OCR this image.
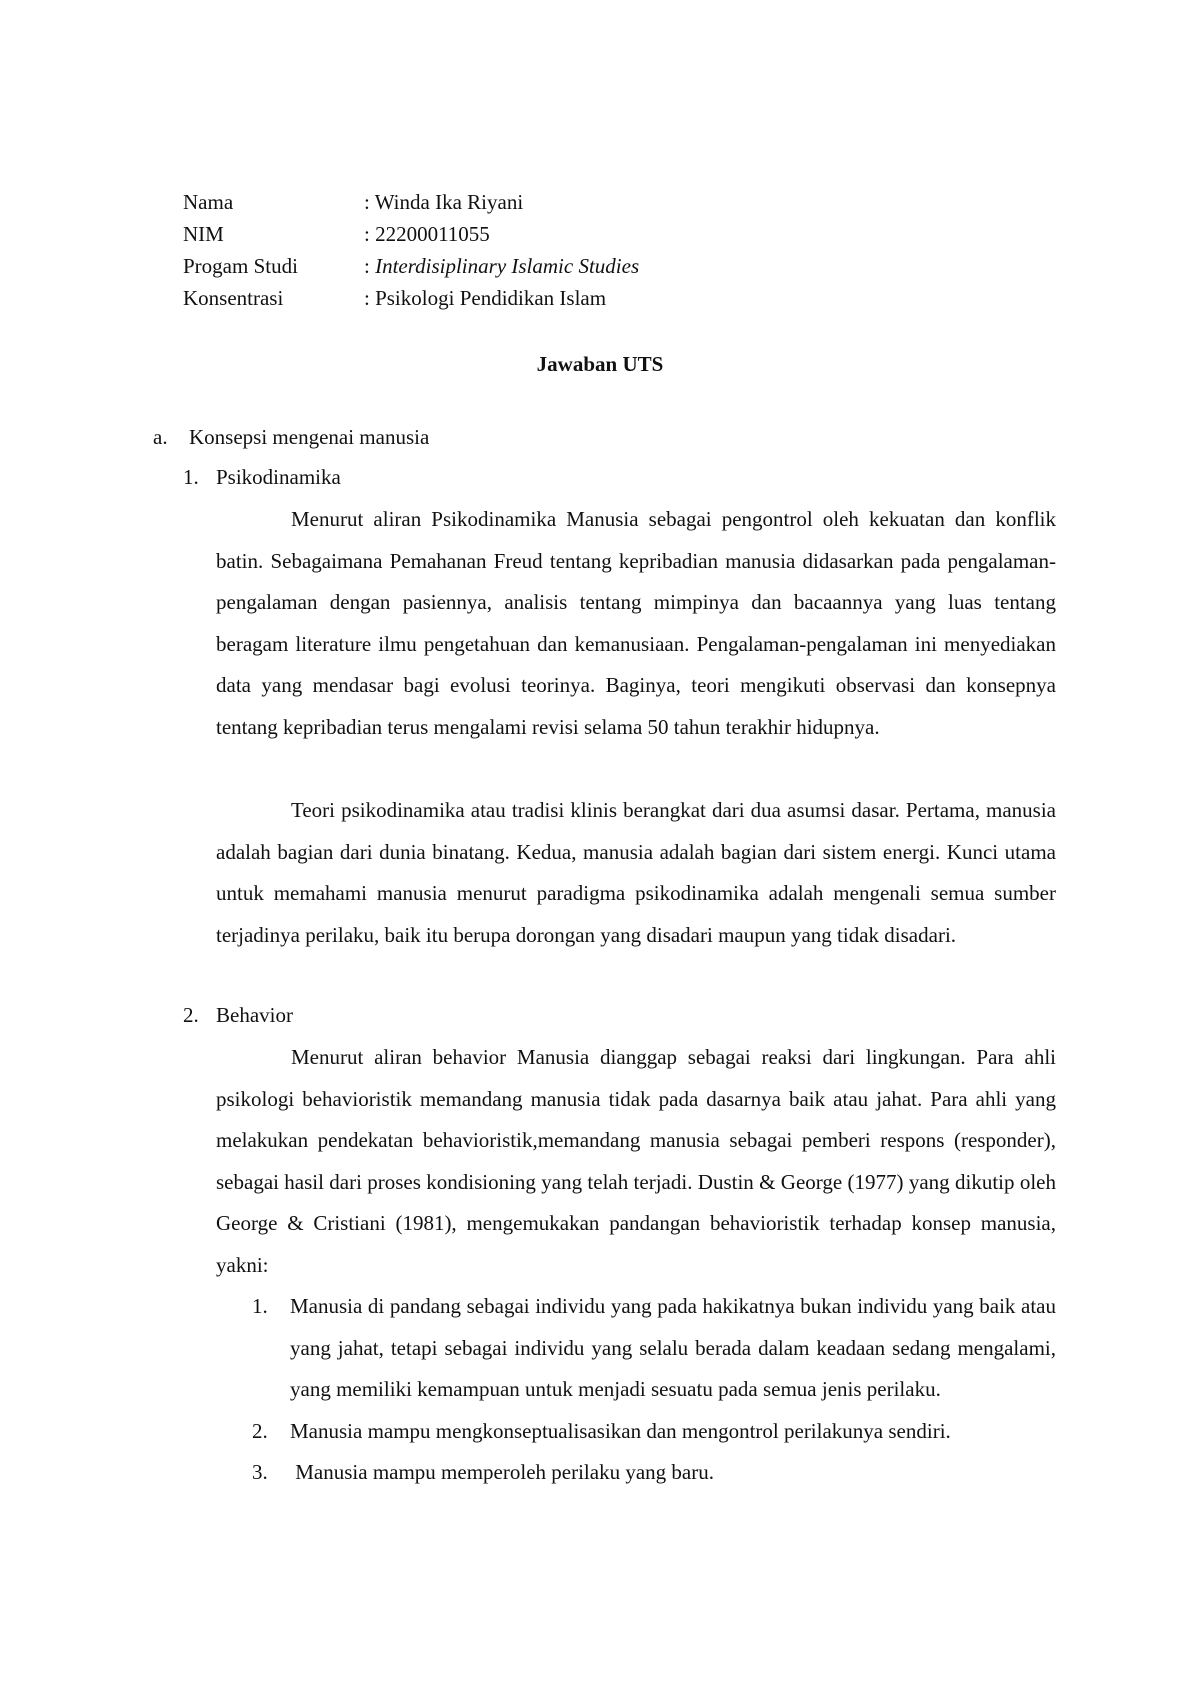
Nama	: Winda Ika Riyani
NIM	: 22200011055
Progam Studi	: Interdisiplinary Islamic Studies
Konsentrasi	: Psikologi Pendidikan Islam
Jawaban UTS
a. Konsepsi mengenai manusia
1. Psikodinamika
Menurut aliran Psikodinamika Manusia sebagai pengontrol oleh kekuatan dan konflik batin. Sebagaimana Pemahanan Freud tentang kepribadian manusia didasarkan pada pengalaman-pengalaman dengan pasiennya, analisis tentang mimpinya dan bacaannya yang luas tentang beragam literature ilmu pengetahuan dan kemanusiaan. Pengalaman-pengalaman ini menyediakan data yang mendasar bagi evolusi teorinya. Baginya, teori mengikuti observasi dan konsepnya tentang kepribadian terus mengalami revisi selama 50 tahun terakhir hidupnya.
Teori psikodinamika atau tradisi klinis berangkat dari dua asumsi dasar. Pertama, manusia adalah bagian dari dunia binatang. Kedua, manusia adalah bagian dari sistem energi. Kunci utama untuk memahami manusia menurut paradigma psikodinamika adalah mengenali semua sumber terjadinya perilaku, baik itu berupa dorongan yang disadari maupun yang tidak disadari.
2. Behavior
Menurut aliran behavior Manusia dianggap sebagai reaksi dari lingkungan. Para ahli psikologi behavioristik memandang manusia tidak pada dasarnya baik atau jahat. Para ahli yang melakukan pendekatan behavioristik,memandang manusia sebagai pemberi respons (responder), sebagai hasil dari proses kondisioning yang telah terjadi. Dustin & George (1977) yang dikutip oleh George & Cristiani (1981), mengemukakan pandangan behavioristik terhadap konsep manusia, yakni:
1.	Manusia di pandang sebagai individu yang pada hakikatnya bukan individu yang baik atau yang jahat, tetapi sebagai individu yang selalu berada dalam keadaan sedang mengalami, yang memiliki kemampuan untuk menjadi sesuatu pada semua jenis perilaku.
2.	Manusia mampu mengkonseptualisasikan dan mengontrol perilakunya sendiri.
3.	Manusia mampu memperoleh perilaku yang baru.
